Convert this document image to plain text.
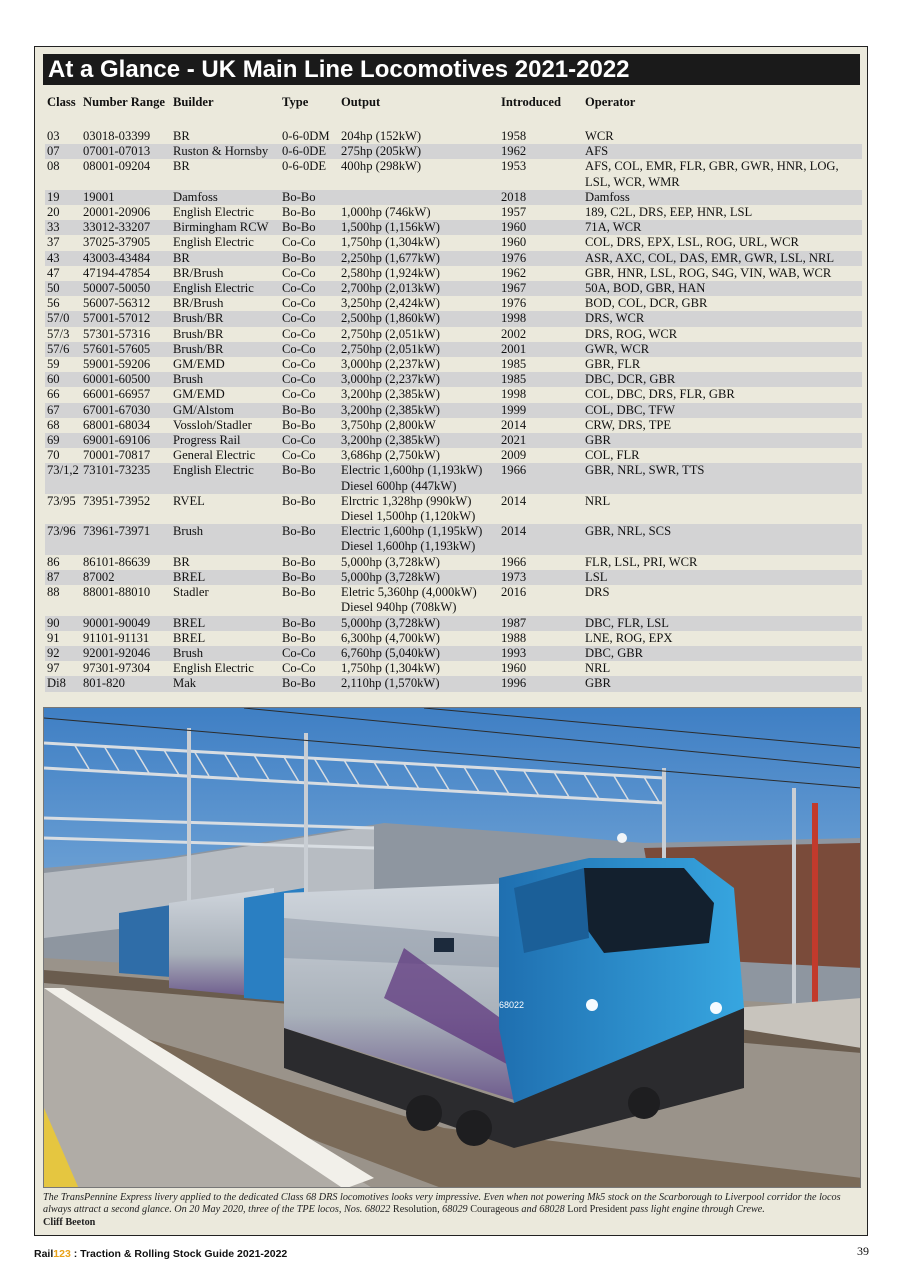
At a Glance - UK Main Line Locomotives 2021-2022
Class	Number Range	Builder	Type	Output	Introduced	Operator

03	03018-03399	BR	0-6-0DM	204hp (152kW)	1958	WCR
07	07001-07013	Ruston & Hornsby	0-6-0DE	275hp (205kW)	1962	AFS
08	08001-09204	BR	0-6-0DE	400hp (298kW)	1953	AFS, COL, EMR, FLR, GBR, GWR, HNR, LOG, LSL, WCR, WMR
19	19001	Damfoss	Bo-Bo		2018	Damfoss
20	20001-20906	English Electric	Bo-Bo	1,000hp (746kW)	1957	189, C2L, DRS, EEP, HNR, LSL
33	33012-33207	Birmingham RCW	Bo-Bo	1,500hp (1,156kW)	1960	71A, WCR
37	37025-37905	English Electric	Co-Co	1,750hp (1,304kW)	1960	COL, DRS, EPX, LSL, ROG, URL, WCR
43	43003-43484	BR	Bo-Bo	2,250hp (1,677kW)	1976	ASR, AXC, COL, DAS, EMR, GWR, LSL, NRL
47	47194-47854	BR/Brush	Co-Co	2,580hp (1,924kW)	1962	GBR, HNR, LSL, ROG, S4G, VIN, WAB, WCR
50	50007-50050	English Electric	Co-Co	2,700hp (2,013kW)	1967	50A, BOD, GBR, HAN
56	56007-56312	BR/Brush	Co-Co	3,250hp (2,424kW)	1976	BOD, COL, DCR, GBR
57/0	57001-57012	Brush/BR	Co-Co	2,500hp (1,860kW)	1998	DRS, WCR
57/3	57301-57316	Brush/BR	Co-Co	2,750hp (2,051kW)	2002	DRS, ROG, WCR
57/6	57601-57605	Brush/BR	Co-Co	2,750hp (2,051kW)	2001	GWR, WCR
59	59001-59206	GM/EMD	Co-Co	3,000hp (2,237kW)	1985	GBR, FLR
60	60001-60500	Brush	Co-Co	3,000hp (2,237kW)	1985	DBC, DCR, GBR
66	66001-66957	GM/EMD	Co-Co	3,200hp (2,385kW)	1998	COL, DBC, DRS, FLR, GBR
67	67001-67030	GM/Alstom	Bo-Bo	3,200hp (2,385kW)	1999	COL, DBC, TFW
68	68001-68034	Vossloh/Stadler	Bo-Bo	3,750hp (2,800kW	2014	CRW, DRS, TPE
69	69001-69106	Progress Rail	Co-Co	3,200hp (2,385kW)	2021	GBR
70	70001-70817	General Electric	Co-Co	3,686hp (2,750kW)	2009	COL, FLR
73/1,2	73101-73235	English Electric	Bo-Bo	Electric 1,600hp (1,193kW)
Diesel 600hp (447kW)	1966	GBR, NRL, SWR, TTS
73/95	73951-73952	RVEL	Bo-Bo	Elrctric 1,328hp (990kW)
Diesel 1,500hp (1,120kW)	2014	NRL
73/96	73961-73971	Brush	Bo-Bo	Electric 1,600hp (1,195kW)
Diesel 1,600hp (1,193kW)	2014	GBR, NRL, SCS
86	86101-86639	BR	Bo-Bo	5,000hp (3,728kW)	1966	FLR, LSL, PRI, WCR
87	87002	BREL	Bo-Bo	5,000hp (3,728kW)	1973	LSL
88	88001-88010	Stadler	Bo-Bo	Eletric 5,360hp (4,000kW)
Diesel 940hp (708kW)	2016	DRS
90	90001-90049	BREL	Bo-Bo	5,000hp (3,728kW)	1987	DBC, FLR, LSL
91	91101-91131	BREL	Bo-Bo	6,300hp (4,700kW)	1988	LNE, ROG, EPX
92	92001-92046	Brush	Co-Co	6,760hp (5,040kW)	1993	DBC, GBR
97	97301-97304	English Electric	Co-Co	1,750hp (1,304kW)	1960	NRL
Di8	801-820	Mak	Bo-Bo	2,110hp (1,570kW)	1996	GBR
68022
The TransPennine Express livery applied to the dedicated Class 68 DRS locomotives looks very impressive. Even when not powering Mk5 stock on the Scarborough to Liverpool corridor the locos always attract a second glance. On 20 May 2020, three of the TPE locos, Nos. 68022 Resolution, 68029 Courageous and 68028 Lord President pass light engine through Crewe.
Cliff Beeton
Rail123 : Traction & Rolling Stock Guide 2021-2022	39
